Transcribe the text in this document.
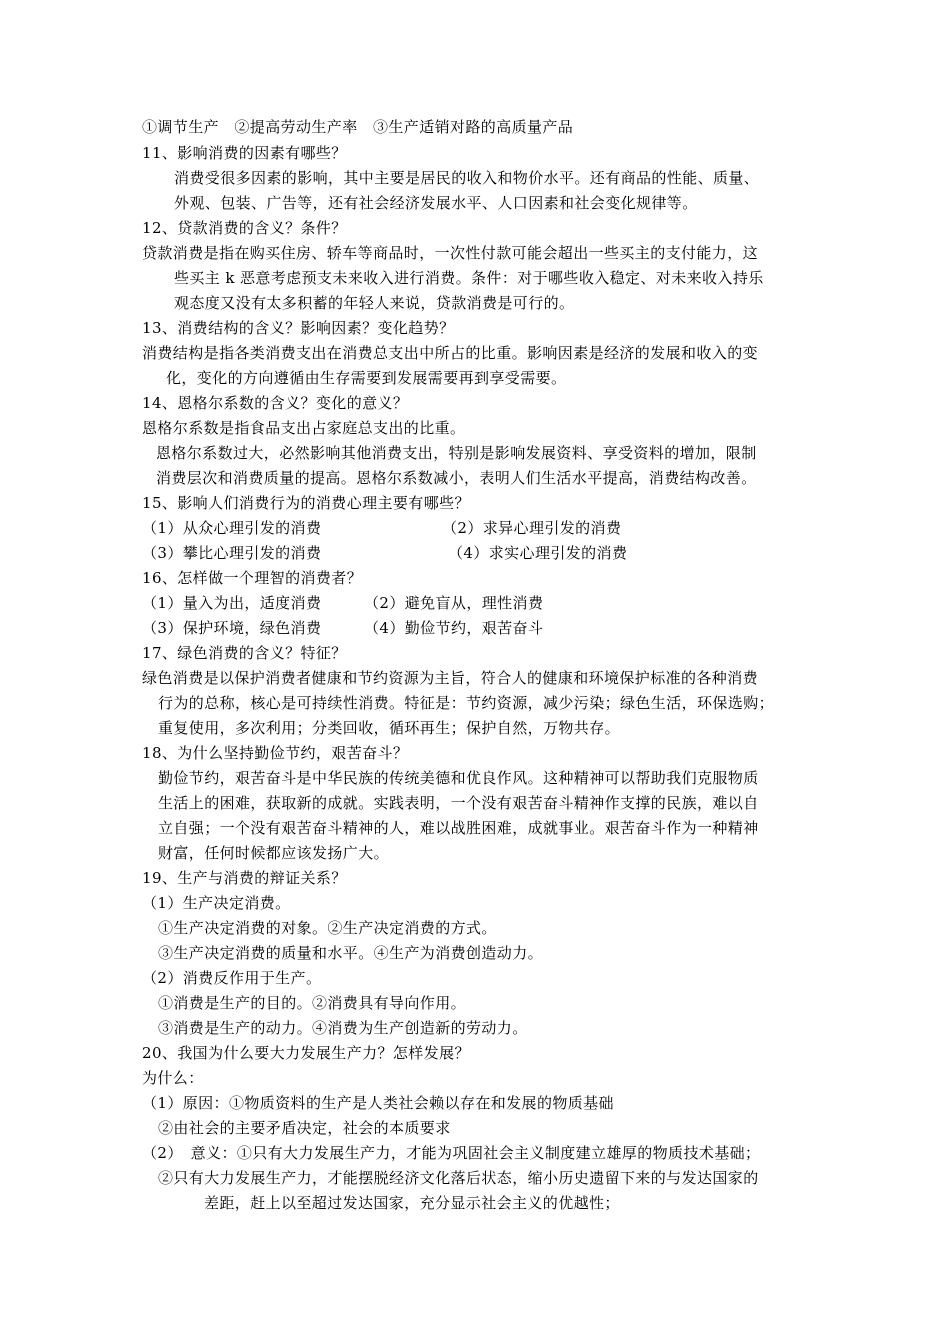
①调节生产　②提高劳动生产率　③生产适销对路的高质量产品
11、影响消费的因素有哪些？
消费受很多因素的影响，其中主要是居民的收入和物价水平。还有商品的性能、质量、
外观、包装、广告等，还有社会经济发展水平、人口因素和社会变化规律等。
12、贷款消费的含义？条件？
贷款消费是指在购买住房、轿车等商品时，一次性付款可能会超出一些买主的支付能力，这
些买主 k 恶意考虑预支未来收入进行消费。条件：对于哪些收入稳定、对未来收入持乐
观态度又没有太多积蓄的年轻人来说，贷款消费是可行的。
13、消费结构的含义？影响因素？变化趋势？
消费结构是指各类消费支出在消费总支出中所占的比重。影响因素是经济的发展和收入的变
化，变化的方向遵循由生存需要到发展需要再到享受需要。
14、恩格尔系数的含义？变化的意义？
恩格尔系数是指食品支出占家庭总支出的比重。
恩格尔系数过大，必然影响其他消费支出，特别是影响发展资料、享受资料的增加，限制
消费层次和消费质量的提高。恩格尔系数减小，表明人们生活水平提高，消费结构改善。
15、影响人们消费行为的消费心理主要有哪些？
（1）从众心理引发的消费	（2）求异心理引发的消费
（3）攀比心理引发的消费	（4）求实心理引发的消费
16、怎样做一个理智的消费者？
（1）量入为出，适度消费	（2）避免盲从，理性消费
（3）保护环境，绿色消费	（4）勤俭节约，艰苦奋斗
17、绿色消费的含义？特征？
绿色消费是以保护消费者健康和节约资源为主旨，符合人的健康和环境保护标准的各种消费
行为的总称，核心是可持续性消费。特征是：节约资源，减少污染；绿色生活，环保选购；
重复使用，多次利用；分类回收，循环再生；保护自然，万物共存。
18、为什么坚持勤俭节约，艰苦奋斗？
勤俭节约，艰苦奋斗是中华民族的传统美德和优良作风。这种精神可以帮助我们克服物质
生活上的困难，获取新的成就。实践表明，一个没有艰苦奋斗精神作支撑的民族，难以自
立自强；一个没有艰苦奋斗精神的人，难以战胜困难，成就事业。艰苦奋斗作为一种精神
财富，任何时候都应该发扬广大。
19、生产与消费的辩证关系？
（1）生产决定消费。
①生产决定消费的对象。②生产决定消费的方式。
③生产决定消费的质量和水平。④生产为消费创造动力。
（2）消费反作用于生产。
①消费是生产的目的。②消费具有导向作用。
③消费是生产的动力。④消费为生产创造新的劳动力。
20、我国为什么要大力发展生产力？怎样发展？
为什么：
（1）原因：①物质资料的生产是人类社会赖以存在和发展的物质基础
②由社会的主要矛盾决定，社会的本质要求
（2）　意义：①只有大力发展生产力，才能为巩固社会主义制度建立雄厚的物质技术基础；
②只有大力发展生产力，才能摆脱经济文化落后状态，缩小历史遗留下来的与发达国家的
差距，赶上以至超过发达国家，充分显示社会主义的优越性；
